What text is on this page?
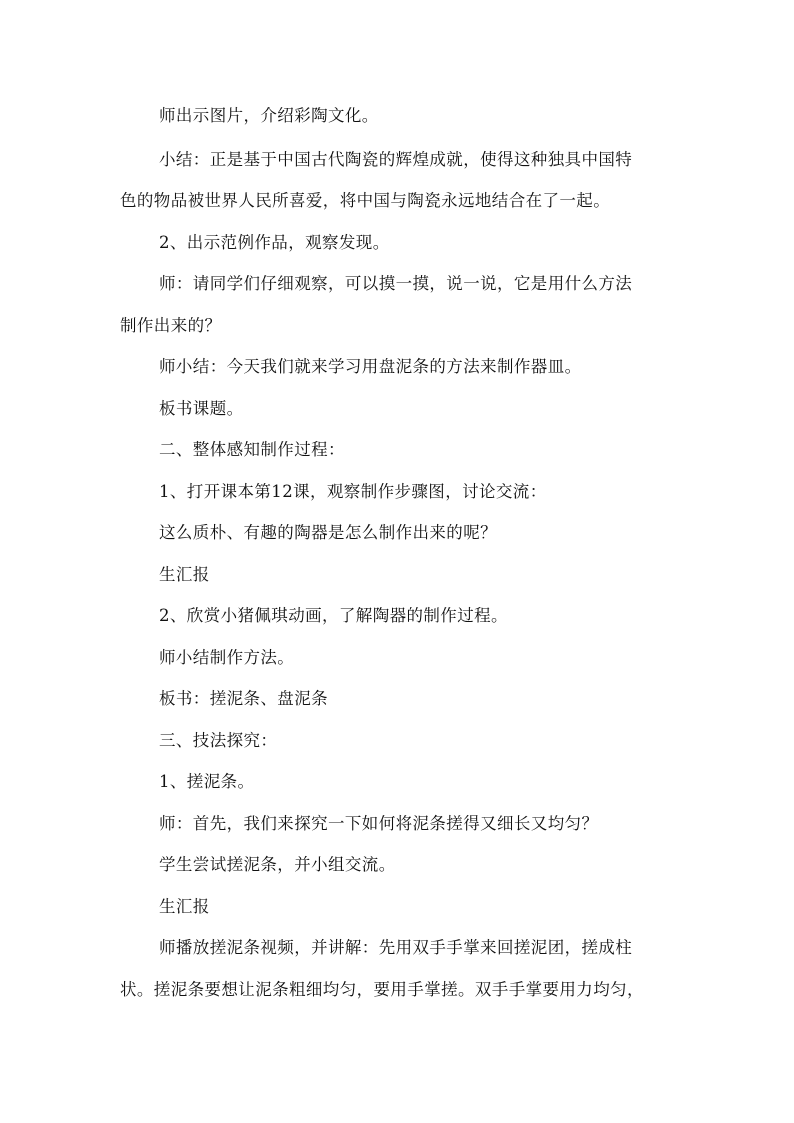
师出示图片，介绍彩陶文化。
小结：正是基于中国古代陶瓷的辉煌成就，使得这种独具中国特
色的物品被世界人民所喜爱，将中国与陶瓷永远地结合在了一起。
2、出示范例作品，观察发现。
师：请同学们仔细观察，可以摸一摸，说一说，它是用什么方法
制作出来的？
师小结：今天我们就来学习用盘泥条的方法来制作器皿。
板书课题。
二、整体感知制作过程：
1、打开课本第12课，观察制作步骤图，讨论交流：
这么质朴、有趣的陶器是怎么制作出来的呢？
生汇报
2、欣赏小猪佩琪动画，了解陶器的制作过程。
师小结制作方法。
板书：搓泥条、盘泥条
三、技法探究：
1、搓泥条。
师：首先，我们来探究一下如何将泥条搓得又细长又均匀？
学生尝试搓泥条，并小组交流。
生汇报
师播放搓泥条视频，并讲解：先用双手手掌来回搓泥团，搓成柱
状。搓泥条要想让泥条粗细均匀，要用手掌搓。双手手掌要用力均匀，
